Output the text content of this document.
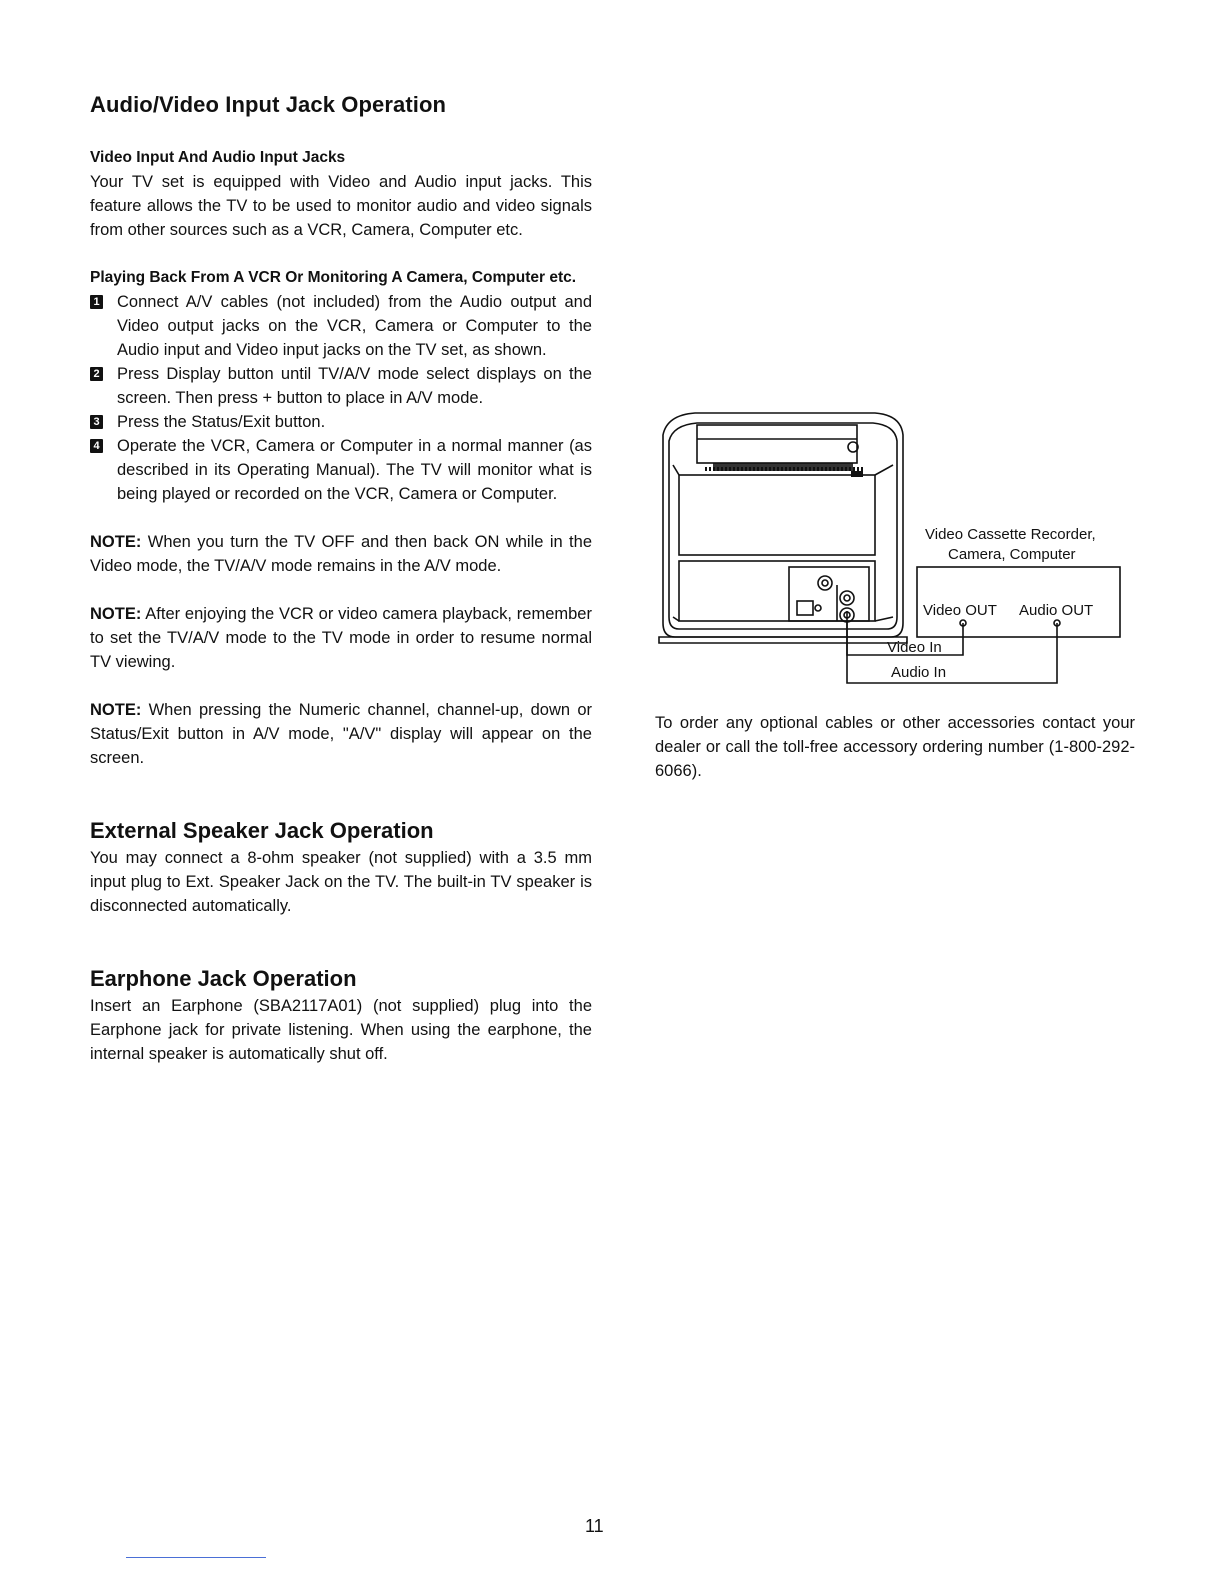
Audio/Video Input Jack Operation
Video Input And Audio Input Jacks

Your TV set is equipped with Video and Audio input jacks. This feature allows the TV to be used to monitor audio and video signals from other sources such as a VCR, Camera, Computer etc.

Playing Back From A VCR Or Monitoring A Camera, Computer etc.
1 Connect A/V cables (not included) from the Audio output and Video output jacks on the VCR, Camera or Computer to the Audio input and Video input jacks on the TV set, as shown.
2 Press Display button until TV/A/V mode select displays on the screen. Then press + button to place in A/V mode.
3 Press the Status/Exit button.
4 Operate the VCR, Camera or Computer in a normal manner (as described in its Operating Manual). The TV will monitor what is being played or recorded on the VCR, Camera or Computer.

NOTE: When you turn the TV OFF and then back ON while in the Video mode, the TV/A/V mode remains in the A/V mode.

NOTE: After enjoying the VCR or video camera playback, remember to set the TV/A/V mode to the TV mode in order to resume normal TV viewing.

NOTE: When pressing the Numeric channel, channel-up, down or Status/Exit button in A/V mode, "A/V" display will appear on the screen.

External Speaker Jack Operation

You may connect a 8-ohm speaker (not supplied) with a 3.5 mm input plug to Ext. Speaker Jack on the TV. The built-in TV speaker is disconnected automatically.

Earphone Jack Operation

Insert an Earphone (SBA2117A01) (not supplied) plug into the Earphone jack for private listening. When using the earphone, the internal speaker is automatically shut off.

Video Cassette Recorder,
Camera, Computer
Video OUT Audio OUT
Video In
Audio In

To order any optional cables or other accessories contact your dealer or call the toll-free accessory ordering number (1-800-292-6066).

11
